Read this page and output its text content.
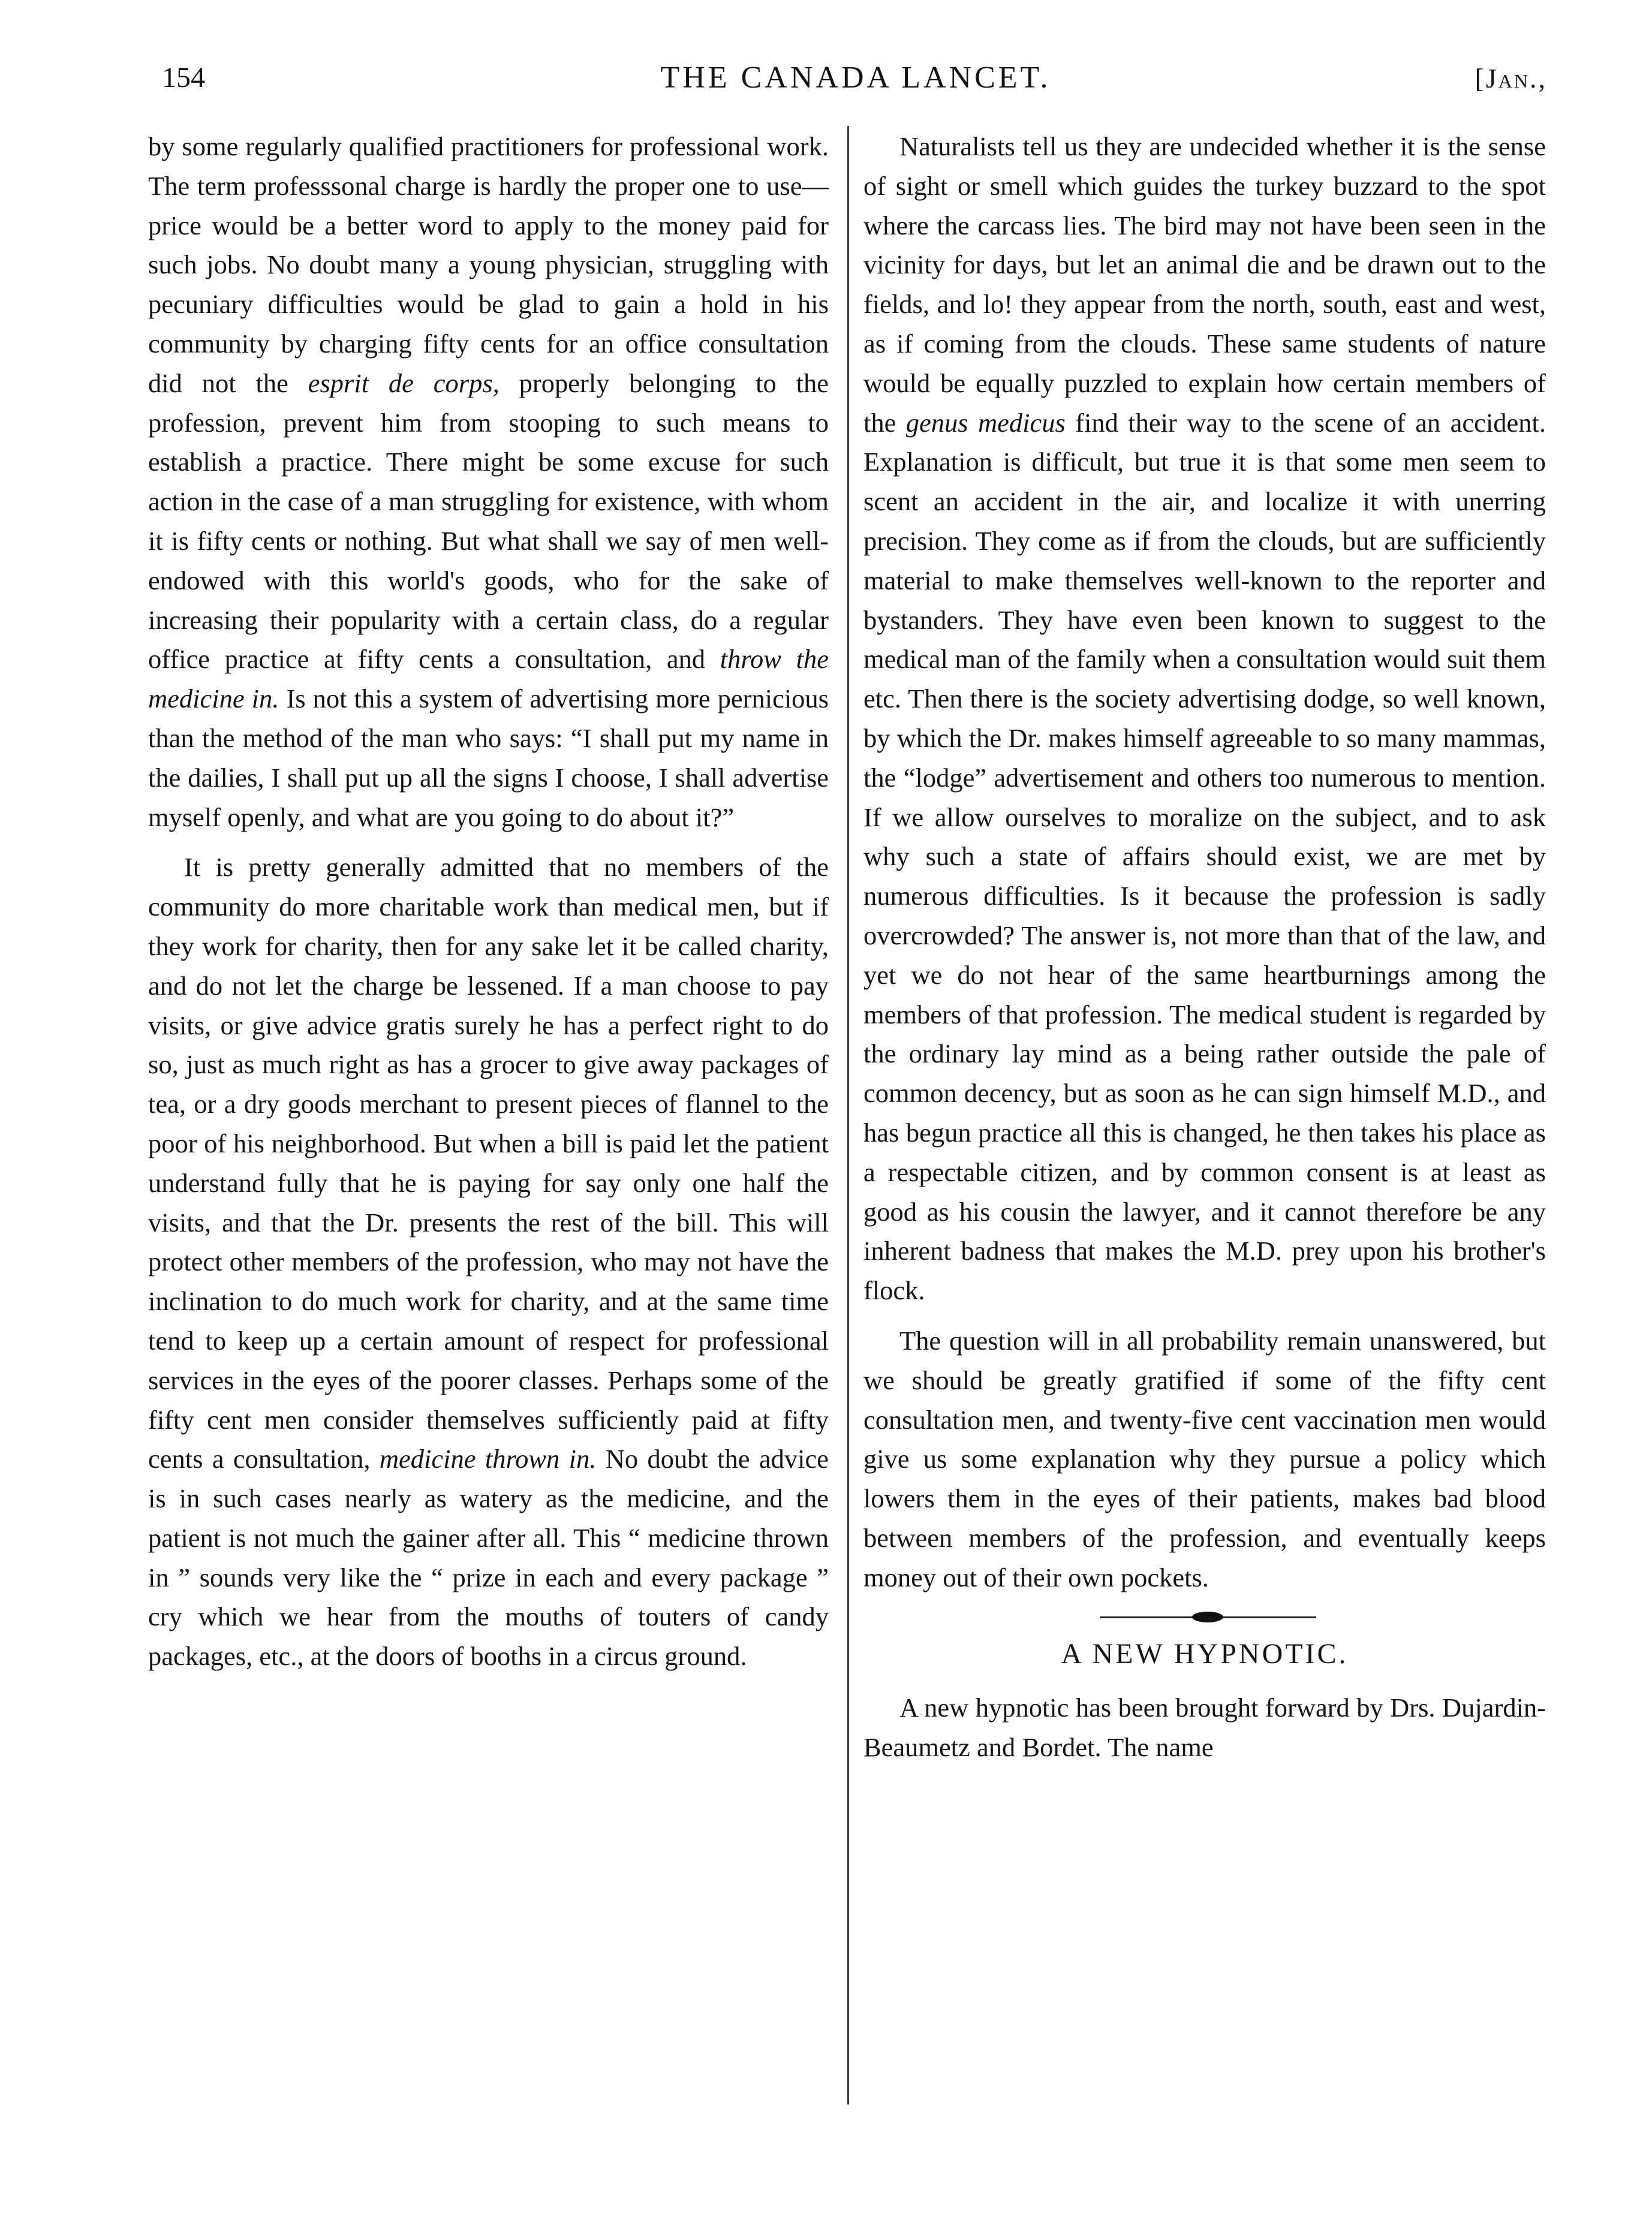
154	THE CANADA LANCET.	[Jan.,

by some regularly qualified practitioners for professional work. The term professsonal charge is hardly the proper one to use—price would be a better word to apply to the money paid for such jobs. No doubt many a young physician, struggling with pecuniary difficulties would be glad to gain a hold in his community by charging fifty cents for an office consultation did not the esprit de corps, properly belonging to the profession, prevent him from stooping to such means to establish a practice. There might be some excuse for such action in the case of a man struggling for existence, with whom it is fifty cents or nothing. But what shall we say of men well-endowed with this world's goods, who for the sake of increasing their popularity with a certain class, do a regular office practice at fifty cents a consultation, and throw the medicine in. Is not this a system of advertising more pernicious than the method of the man who says: “I shall put my name in the dailies, I shall put up all the signs I choose, I shall advertise myself openly, and what are you going to do about it?”

It is pretty generally admitted that no members of the community do more charitable work than medical men, but if they work for charity, then for any sake let it be called charity, and do not let the charge be lessened. If a man choose to pay visits, or give advice gratis surely he has a perfect right to do so, just as much right as has a grocer to give away packages of tea, or a dry goods merchant to present pieces of flannel to the poor of his neighborhood. But when a bill is paid let the patient understand fully that he is paying for say only one half the visits, and that the Dr. presents the rest of the bill. This will protect other members of the profession, who may not have the inclination to do much work for charity, and at the same time tend to keep up a certain amount of respect for professional services in the eyes of the poorer classes. Perhaps some of the fifty cent men consider themselves sufficiently paid at fifty cents a consultation, medicine thrown in. No doubt the advice is in such cases nearly as watery as the medicine, and the patient is not much the gainer after all. This “ medicine thrown in ” sounds very like the “ prize in each and every package ” cry which we hear from the mouths of touters of candy packages, etc., at the doors of booths in a circus ground.

Naturalists tell us they are undecided whether it is the sense of sight or smell which guides the turkey buzzard to the spot where the carcass lies. The bird may not have been seen in the vicinity for days, but let an animal die and be drawn out to the fields, and lo! they appear from the north, south, east and west, as if coming from the clouds. These same students of nature would be equally puzzled to explain how certain members of the genus medicus find their way to the scene of an accident. Explanation is difficult, but true it is that some men seem to scent an accident in the air, and localize it with unerring precision. They come as if from the clouds, but are sufficiently material to make themselves well-known to the reporter and bystanders. They have even been known to suggest to the medical man of the family when a consultation would suit them etc. Then there is the society advertising dodge, so well known, by which the Dr. makes himself agreeable to so many mammas, the “lodge” advertisement and others too numerous to mention. If we allow ourselves to moralize on the subject, and to ask why such a state of affairs should exist, we are met by numerous difficulties. Is it because the profession is sadly overcrowded? The answer is, not more than that of the law, and yet we do not hear of the same heartburnings among the members of that profession. The medical student is regarded by the ordinary lay mind as a being rather outside the pale of common decency, but as soon as he can sign himself M.D., and has begun practice all this is changed, he then takes his place as a respectable citizen, and by common consent is at least as good as his cousin the lawyer, and it cannot therefore be any inherent badness that makes the M.D. prey upon his brother's flock.

The question will in all probability remain unanswered, but we should be greatly gratified if some of the fifty cent consultation men, and twenty-five cent vaccination men would give us some explanation why they pursue a policy which lowers them in the eyes of their patients, makes bad blood between members of the profession, and eventually keeps money out of their own pockets.

A NEW HYPNOTIC.

A new hypnotic has been brought forward by Drs. Dujardin-Beaumetz and Bordet. The name
